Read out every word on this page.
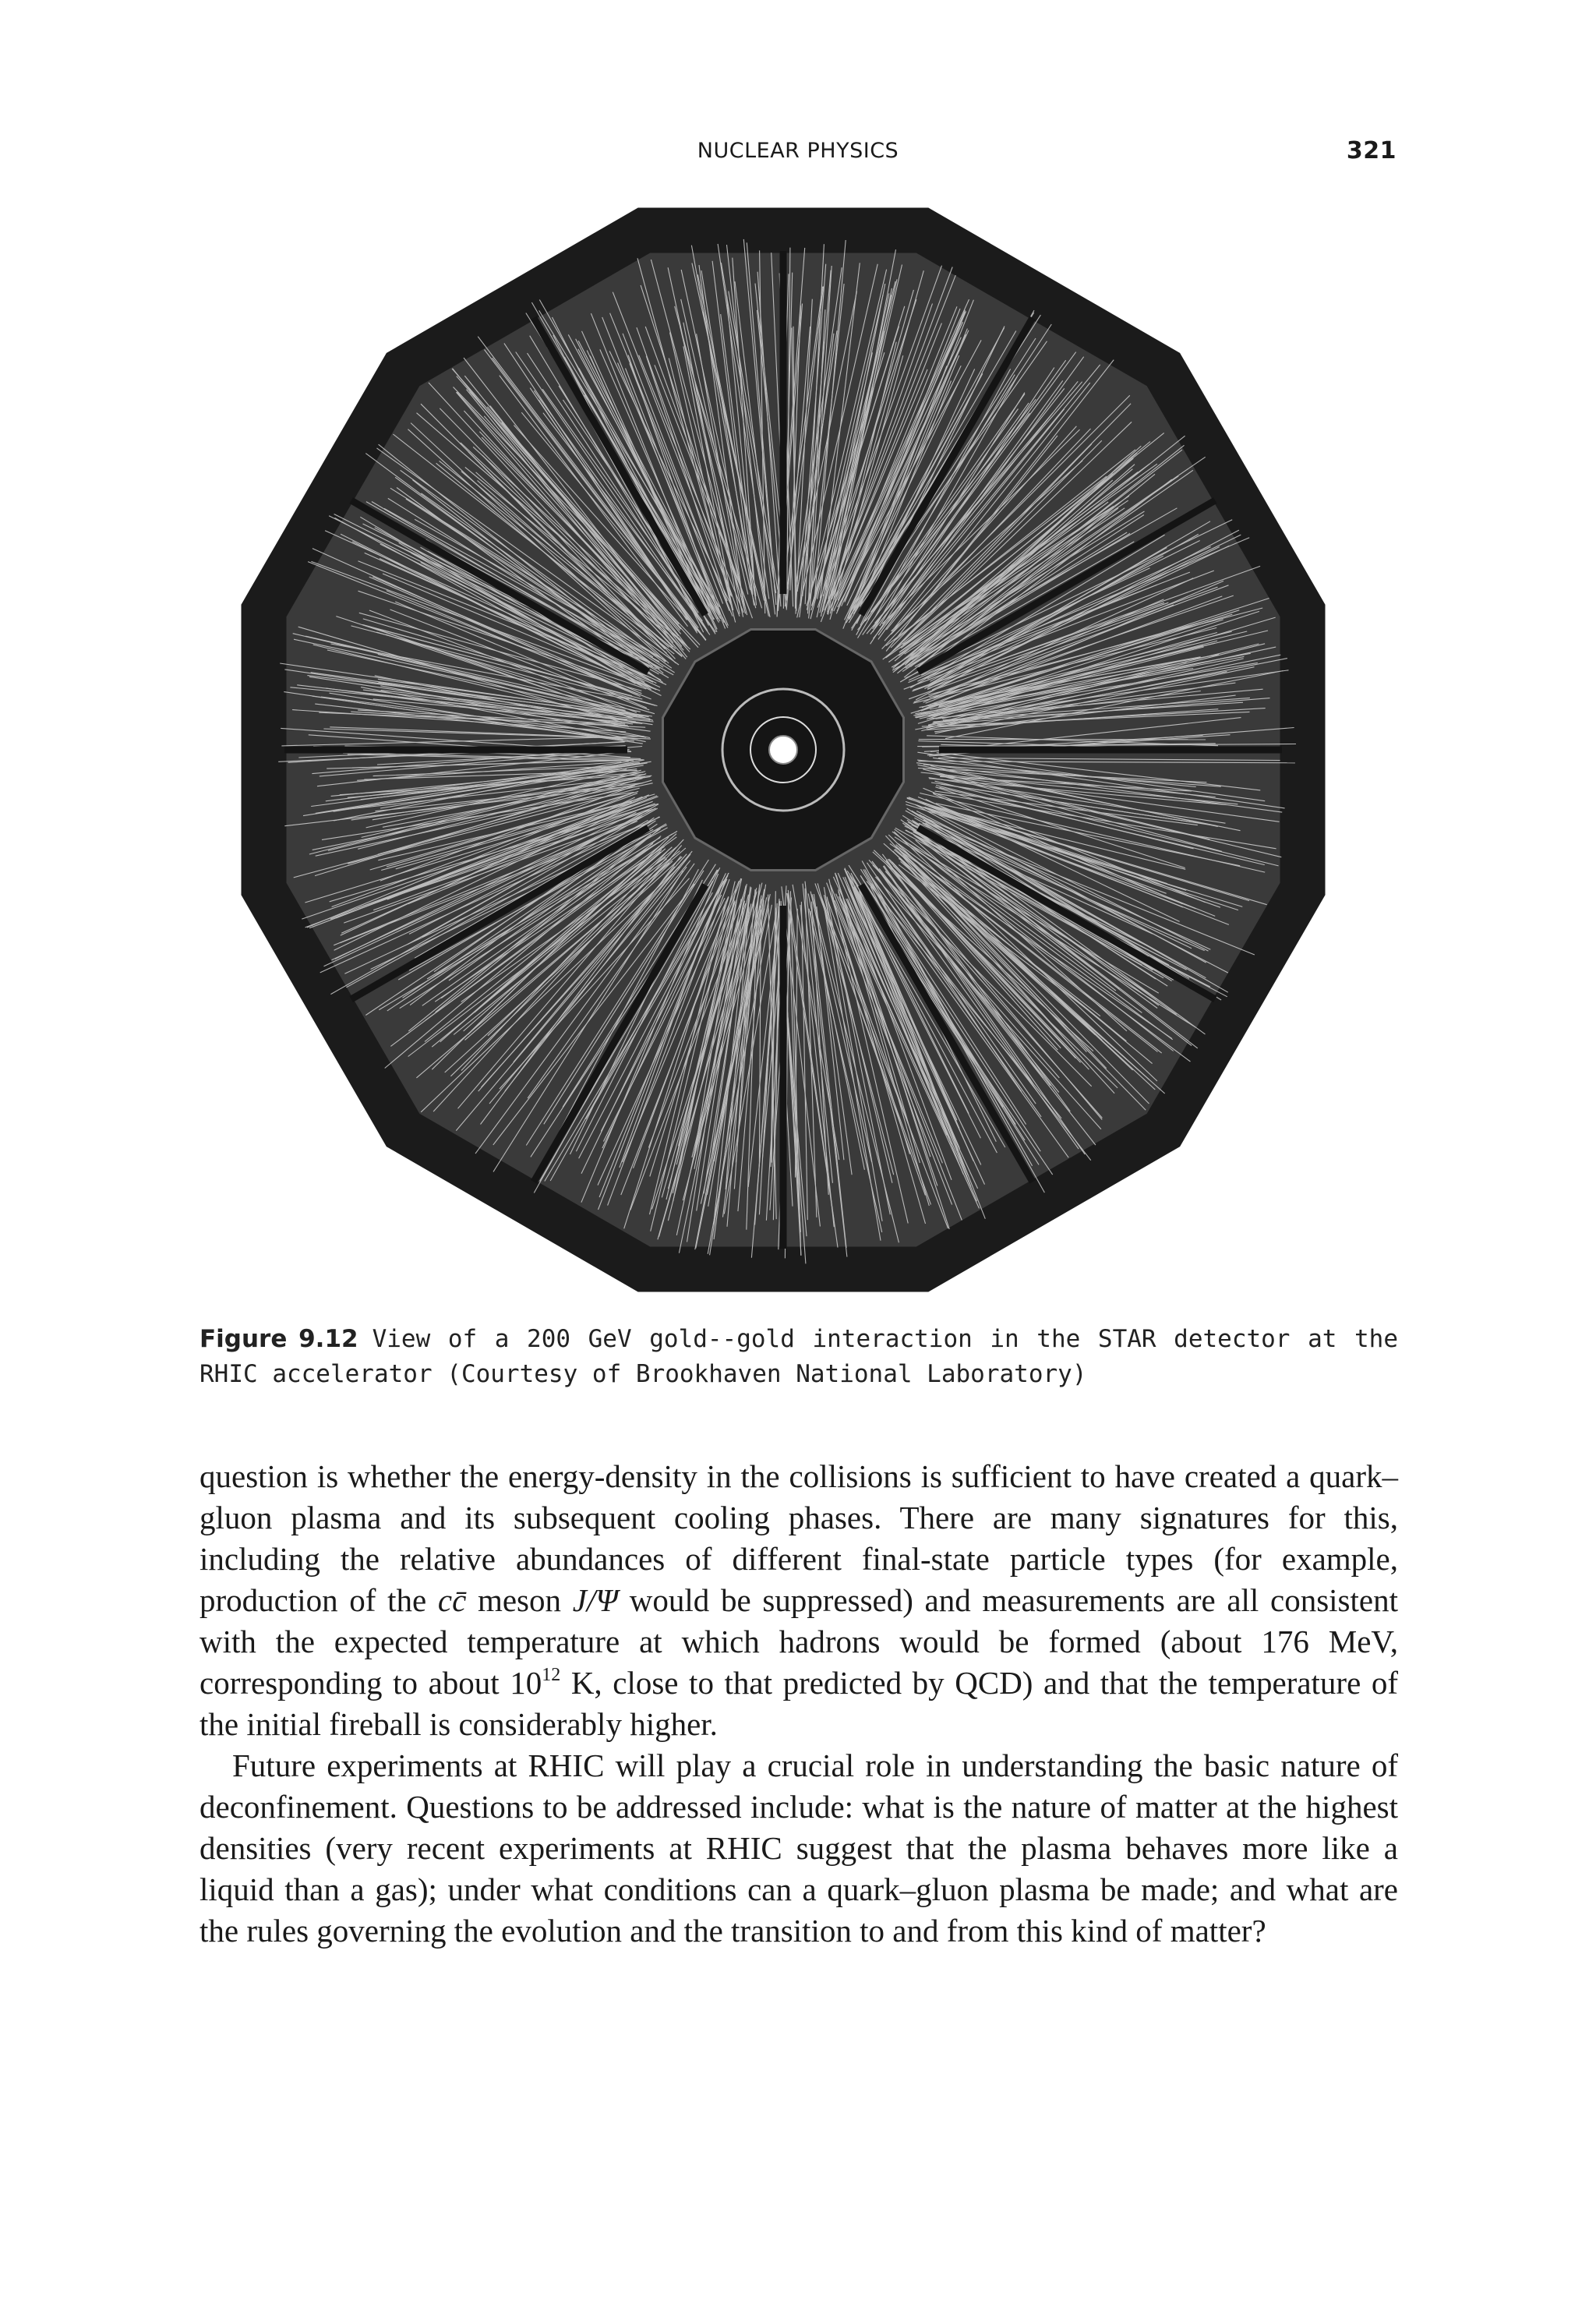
NUCLEAR PHYSICS	321
Figure 9.12 View of a 200 GeV gold--gold interaction in the STAR detector at the RHIC accelerator (Courtesy of Brookhaven National Laboratory)

question is whether the energy-density in the collisions is sufficient to have created a quark–gluon plasma and its subsequent cooling phases. There are many signatures for this, including the relative abundances of different final-state particle types (for example, production of the cc̄ meson J/Ψ would be suppressed) and measurements are all consistent with the expected temperature at which hadrons would be formed (about 176 MeV, corresponding to about $10^{12}$ K, close to that predicted by QCD) and that the temperature of the initial fireball is considerably higher.

Future experiments at RHIC will play a crucial role in understanding the basic nature of deconfinement. Questions to be addressed include: what is the nature of matter at the highest densities (very recent experiments at RHIC suggest that the plasma behaves more like a liquid than a gas); under what conditions can a quark–gluon plasma be made; and what are the rules governing the evolution and the transition to and from this kind of matter?
